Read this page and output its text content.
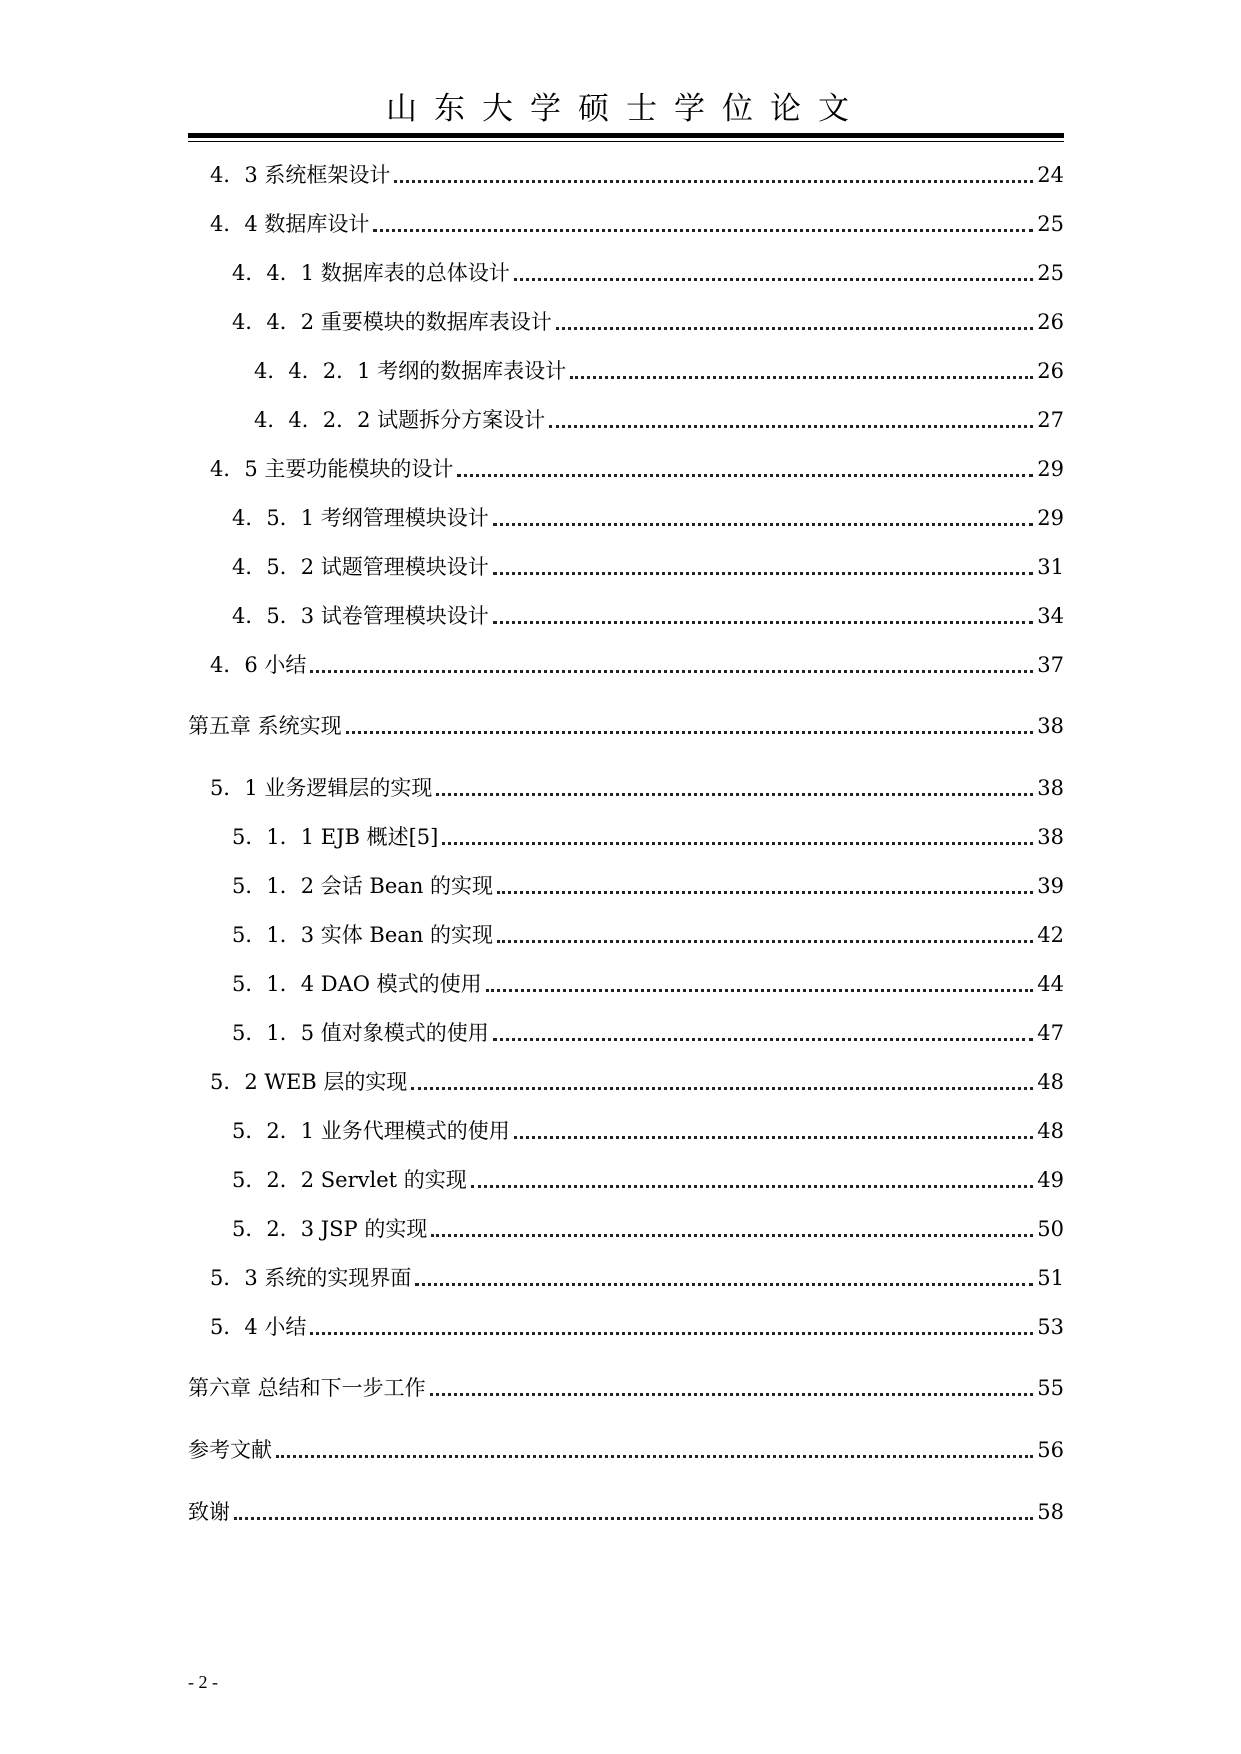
山东大学硕士学位论文
4．3 系统框架设计	24
4．4 数据库设计	25
4．4．1 数据库表的总体设计	25
4．4．2 重要模块的数据库表设计	26
4．4．2．1 考纲的数据库表设计	26
4．4．2．2 试题拆分方案设计	27
4．5 主要功能模块的设计	29
4．5．1 考纲管理模块设计	29
4．5．2 试题管理模块设计	31
4．5．3 试卷管理模块设计	34
4．6 小结	37
第五章 系统实现	38
5．1 业务逻辑层的实现	38
5．1．1 EJB 概述[5]	38
5．1．2 会话 Bean 的实现	39
5．1．3 实体 Bean 的实现	42
5．1．4 DAO 模式的使用	44
5．1．5 值对象模式的使用	47
5．2 WEB 层的实现	48
5．2．1 业务代理模式的使用	48
5．2．2 Servlet 的实现	49
5．2．3 JSP 的实现	50
5．3 系统的实现界面	51
5．4 小结	53
第六章 总结和下一步工作	55
参考文献	56
致谢	58
- 2 -
